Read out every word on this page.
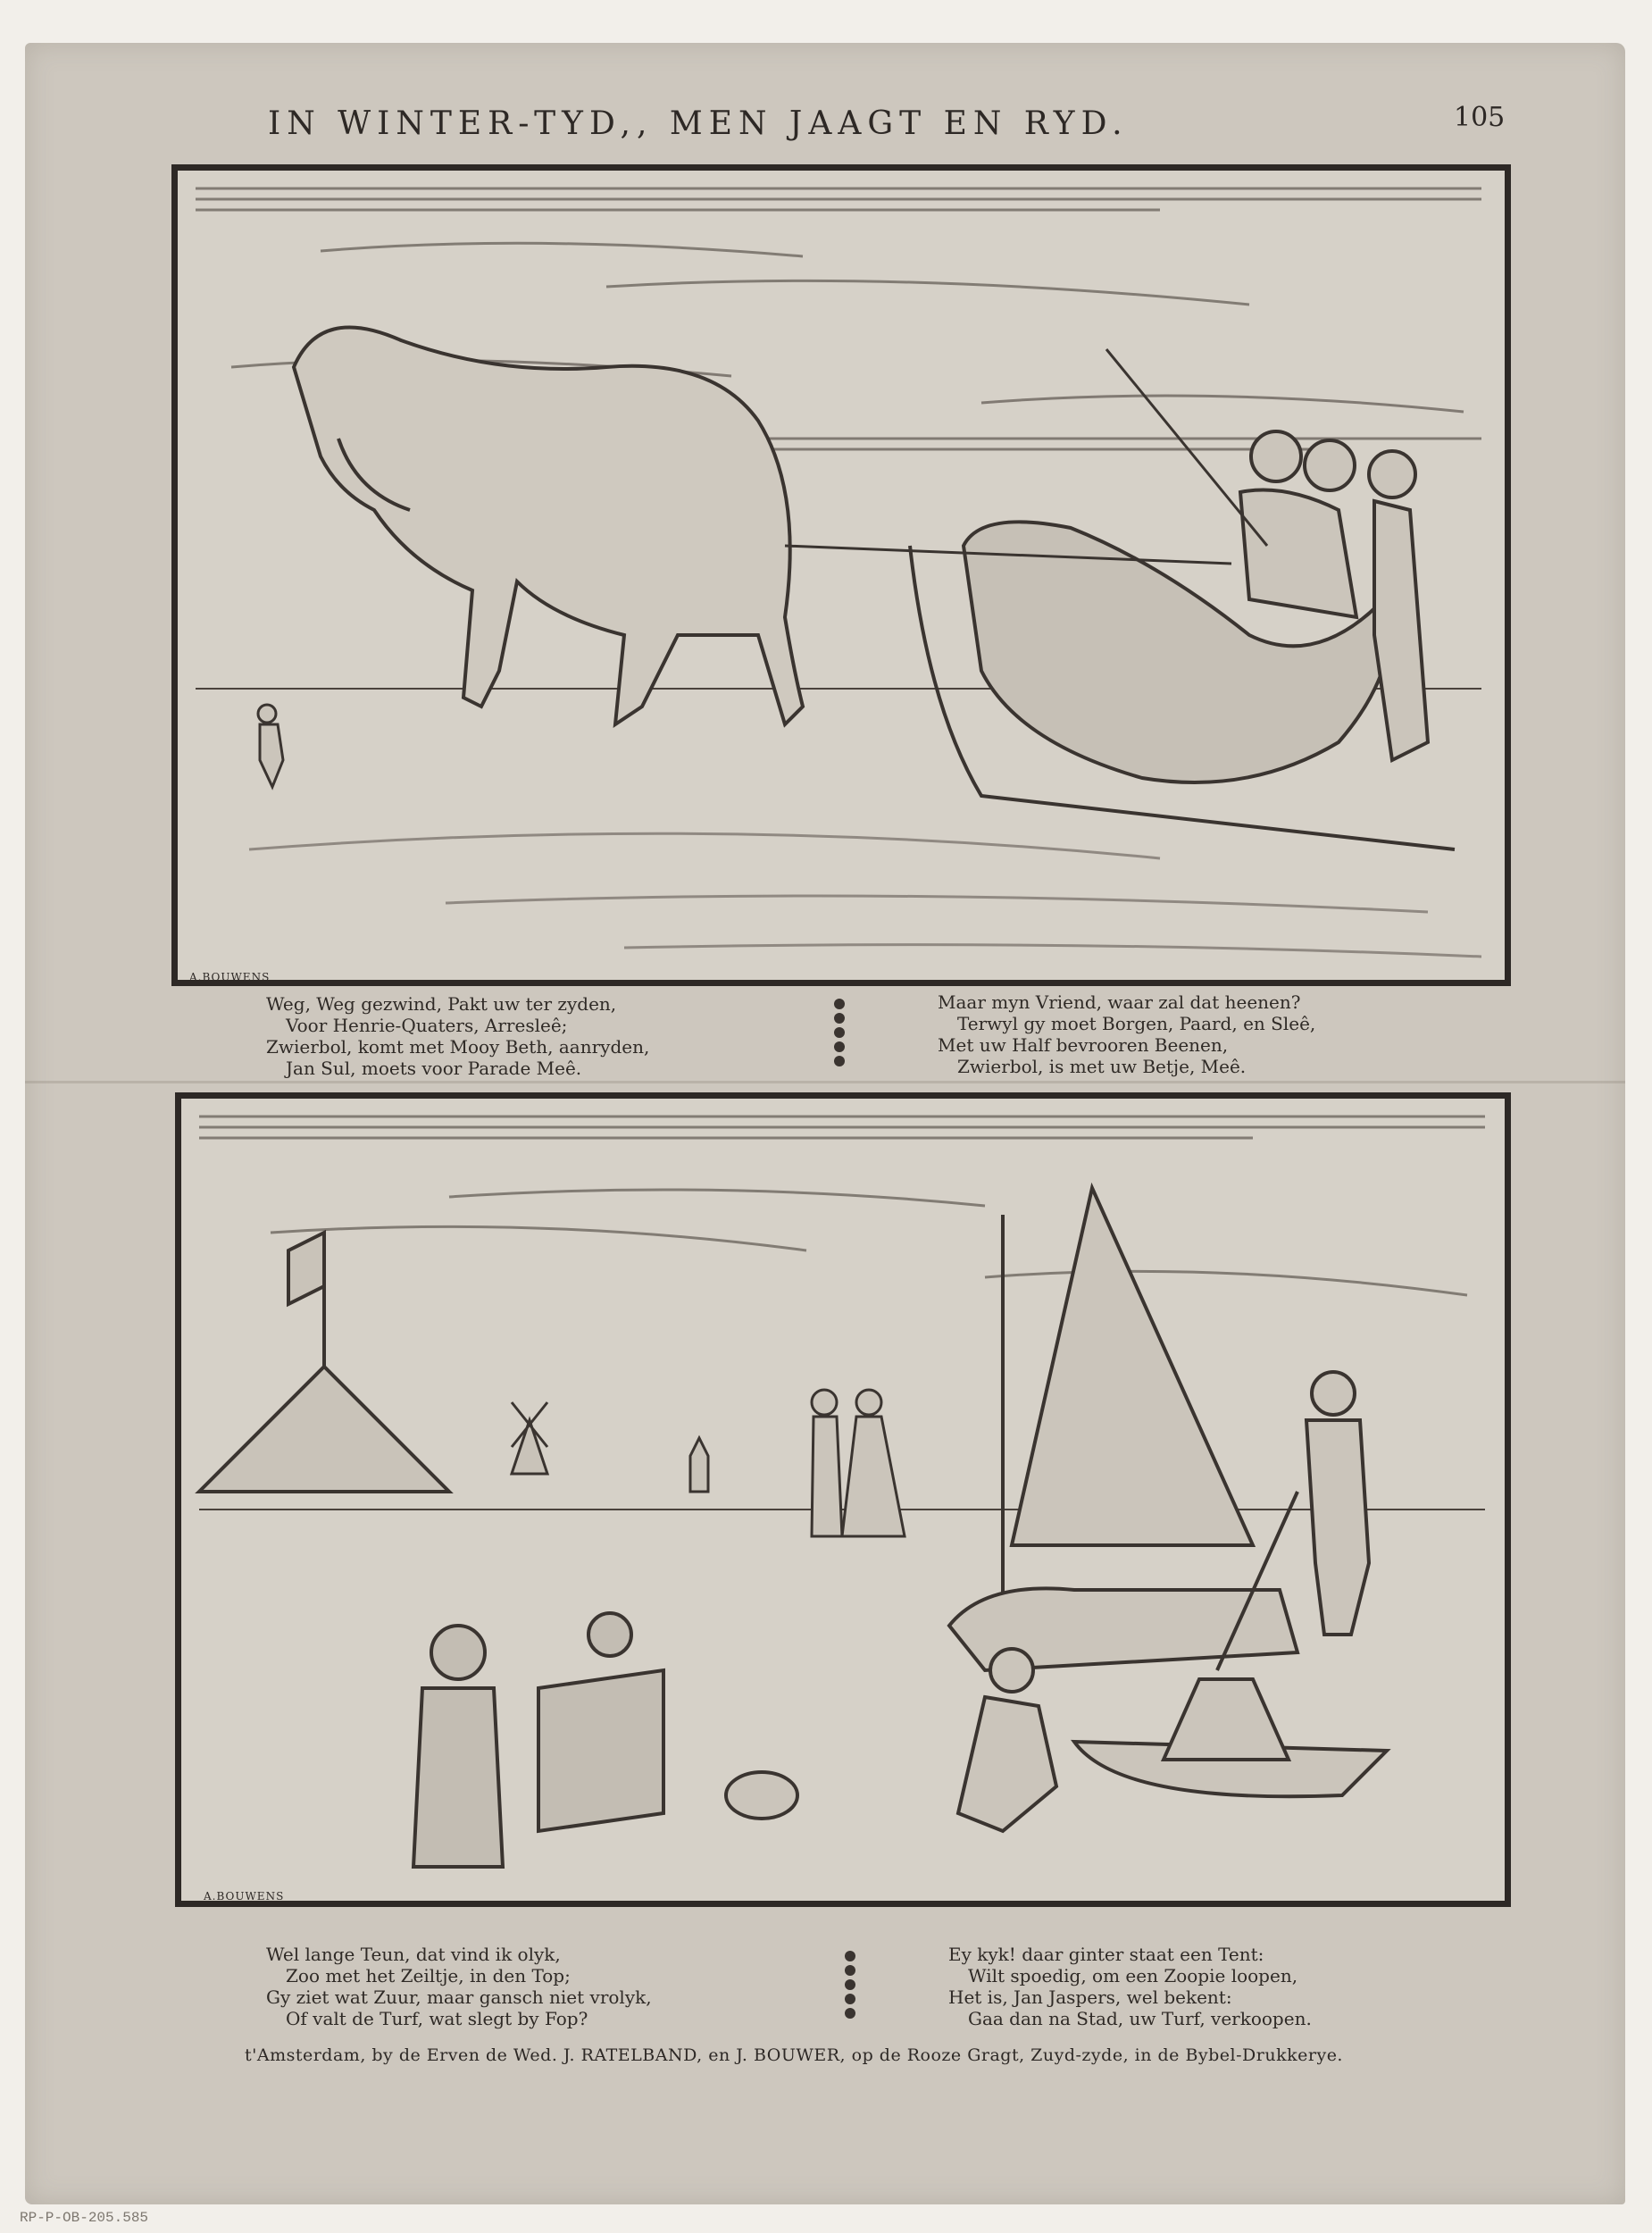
IN WINTER-TYD,, MEN JAAGT EN RYD.	105
A.BOUWENS
Weg, Weg gezwind, Pakt uw ter zyden,
Voor Henrie-Quaters, Arresleê;
Zwierbol, komt met Mooy Beth, aanryden,
Jan Sul, moets voor Parade Meê.
Maar myn Vriend, waar zal dat heenen?
Terwyl gy moet Borgen, Paard, en Sleê,
Met uw Half bevrooren Beenen,
Zwierbol, is met uw Betje, Meê.
A.BOUWENS
Wel lange Teun, dat vind ik olyk,
Zoo met het Zeiltje, in den Top;
Gy ziet wat Zuur, maar gansch niet vrolyk,
Of valt de Turf, wat slegt by Fop?
Ey kyk! daar ginter staat een Tent:
Wilt spoedig, om een Zoopie loopen,
Het is, Jan Jaspers, wel bekent:
Gaa dan na Stad, uw Turf, verkoopen.
t'Amsterdam, by de Erven de Wed. J. RATELBAND, en J. BOUWER, op de Rooze Gragt, Zuyd-zyde, in de Bybel-Drukkerye.
RP-P-OB-205.585
